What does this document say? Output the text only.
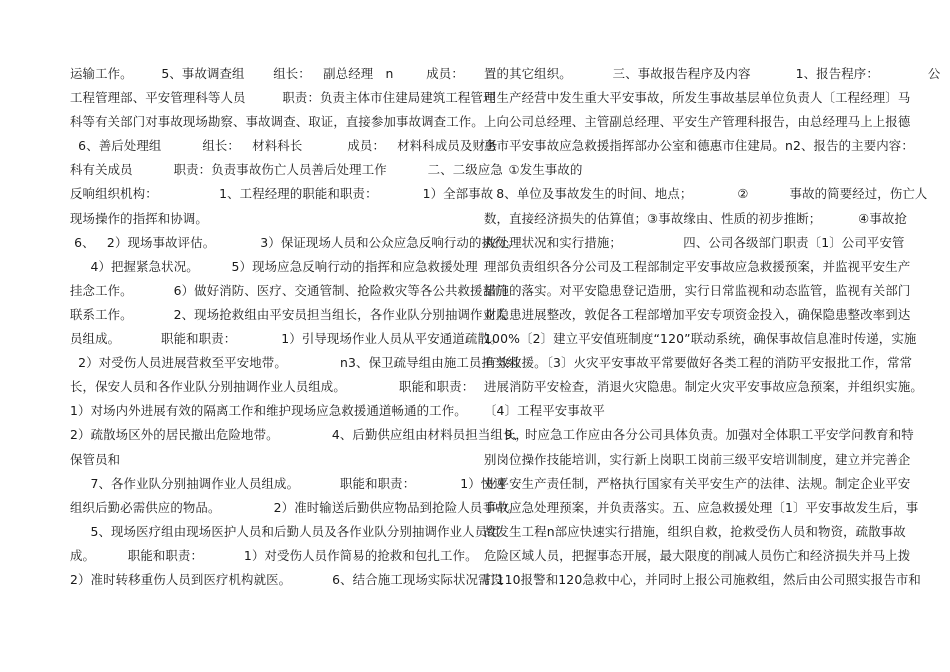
运输工作。       5、事故调查组       组长：   副总经理   n        成员：
工程管理部、平安管理科等人员         职责：负责主体市住建局建筑工程管理
科等有关部门对事故现场勘察、事故调查、取证，直接参加事故调查工作。
6、善后处理组          组长：   材料科长           成员：   材料科成员及财务
科有关成员          职责：负责事故伤亡人员善后处理工作          二、二级应急
反响组织机构：               1、工程经理的职能和职责：           1）全部事故
现场操作的指挥和协调。
6、   2）现场事故评估。           3）保证现场人员和公众应急反响行动的执行。
4）把握紧急状况。        5）现场应急反响行动的指挥和应急救援处理
挂念工作。          6）做好消防、医疗、交通管制、抢险救灾等各公共救援部门
联系工作。          2、现场抢救组由平安员担当组长，各作业队分别抽调作业人
员组成。          职能和职责：           1）引导现场作业人员从平安通道疏散。
2）对受伤人员进展营救至平安地带。             n3、保卫疏导组由施工员担当组
长，保安人员和各作业队分别抽调作业人员组成。             职能和职责：
1）对场内外进展有效的隔离工作和维护现场应急救援通道畅通的工作。
2）疏散场区外的居民撤出危险地带。             4、后勤供应组由材料员担当组长，
保管员和
7、各作业队分别抽调作业人员组成。          职能和职责：           1）快速
组织后勤必需供应的物品。             2）准时输送后勤供应物品到抢险人员手中。
5、现场医疗组由现场医护人员和后勤人员及各作业队分别抽调作业人员组
成。        职能和职责：          1）对受伤人员作简易的抢救和包扎工作。
2）准时转移重伤人员到医疗机构就医。          6、结合施工现场实际状况需设
置的其它组织。          三、事故报告程序及内容           1、报告程序：            公
司生产经营中发生重大平安事故，所发生事故基层单位负责人〔工程经理〕马
上向公司总经理、主管副总经理、平安生产管理科报告，由总经理马上上报德
惠市平安事故应急救援指挥部办公室和德惠市住建局。n2、报告的主要内容：
①发生事故的
8、单位及事故发生的时间、地点；           ②          事故的简要经过，伤亡人
数，直接经济损失的估算值；③事故缘由、性质的初步推断；         ④事故抢
救处理状况和实行措施；               四、公司各级部门职责〔1〕公司平安管
理部负责组织各分公司及工程部制定平安事故应急救援预案，并监视平安生产
措施的落实。对平安隐患登记造册，实行日常监视和动态监管，监视有关部门
对隐患进展整改，敦促各工程部增加平安专项资金投入，确保隐患整改率到达
100%〔2〕建立平安值班制度“120”联动系统，确保事故信息准时传递，实施
有效救援。〔3〕火灾平安事故平常要做好各类工程的消防平安报批工作，常常
进展消防平安检查，消退火灾隐患。制定火灾平安事故应急预案，并组织实施。
〔4〕工程平安事故平
9、时应急工作应由各分公司具体负责。加强对全体职工平安学问教育和特
别岗位操作技能培训，实行新上岗职工岗前三级平安培训制度，建立并完善企
业平安生产责任制，严格执行国家有关平安生产的法律、法规。制定企业平安
事故应急处理预案，并负责落实。五、应急救援处理〔1〕平安事故发生后，事
故发生工程n部应快速实行措施，组织自救，抢救受伤人员和物资，疏散事故
危险区域人员，把握事态开展，最大限度的削减人员伤亡和经济损失并马上拨
打110报警和120急救中心，并同时上报公司施救组，然后由公司照实报告市和
